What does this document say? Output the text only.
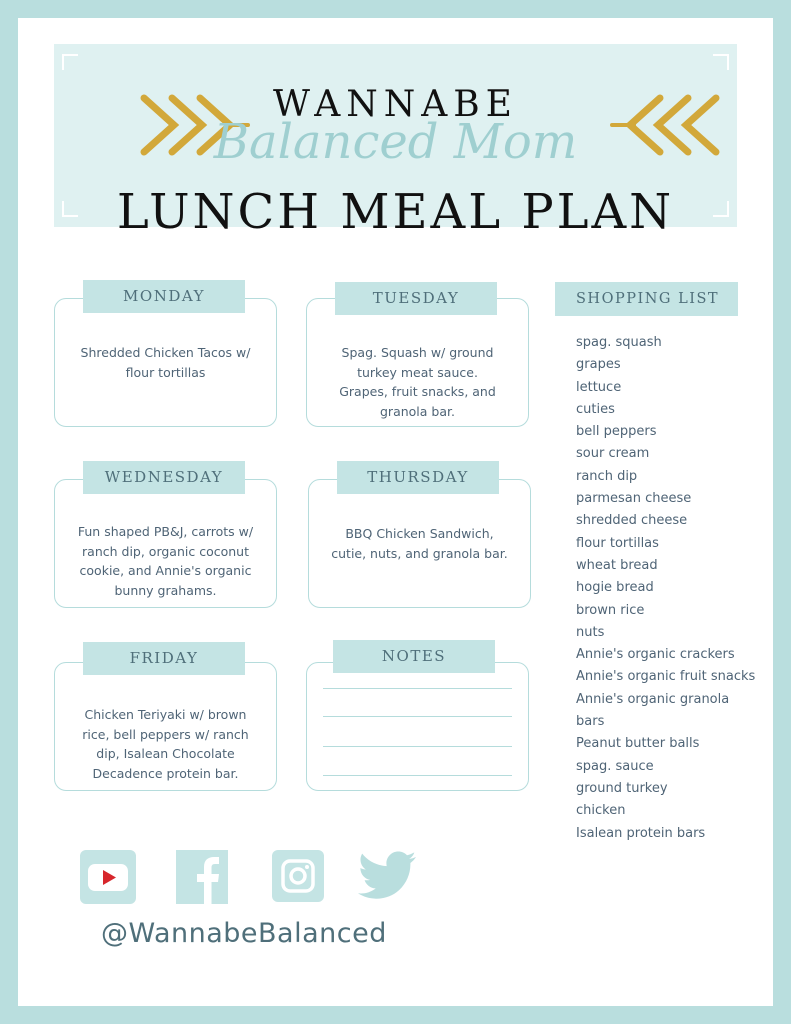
WANNABE
Balanced Mom
LUNCH MEAL PLAN
Shredded Chicken Tacos w/
flour tortillas
MONDAY
Spag. Squash w/ ground
turkey meat sauce.
Grapes, fruit snacks, and
granola bar.
TUESDAY
Fun shaped PB&J, carrots w/
ranch dip, organic coconut
cookie, and Annie's organic
bunny grahams.
WEDNESDAY
BBQ Chicken Sandwich,
cutie, nuts, and granola bar.
THURSDAY
Chicken Teriyaki w/ brown
rice, bell peppers w/ ranch
dip, Isalean Chocolate
Decadence protein bar.
FRIDAY	NOTES
SHOPPING LIST
spag. squash
grapes
lettuce
cuties
bell peppers
sour cream
ranch dip
parmesan cheese
shredded cheese
flour tortillas
wheat bread
hogie bread
brown rice
nuts
Annie's organic crackers
Annie's organic fruit snacks
Annie's organic granola
bars
Peanut butter balls
spag. sauce
ground turkey
chicken
Isalean protein bars
@WannabeBalanced
